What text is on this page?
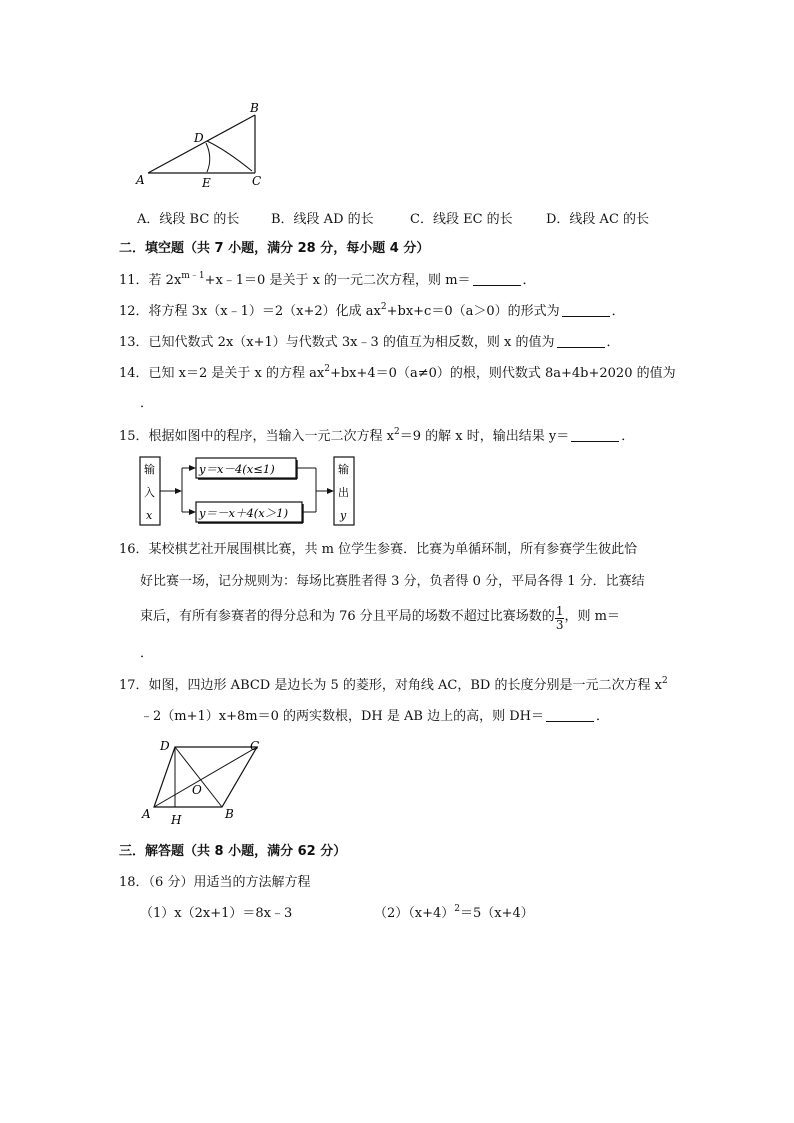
A
B
C
D
E
A．线段 BC 的长 B．线段 AD 的长	C．线段 EC 的长	D．线段 AC 的长
二．填空题（共 7 小题，满分 28 分，每小题 4 分）
11．若 $2x^{m﹣1}+x﹣1=0$ 是关于 x 的一元二次方程，则 m＝	．
12．将方程 3x（x﹣1）＝2（x+2）化成 $ax^2+bx+c=0(a>0)$的形式为	．
13．已知代数式 2x（x+1）与代数式 3x﹣3 的值互为相反数，则 x 的值为	．
14．已知 x＝2 是关于 x 的方程 $ax^2+bx+4=0(a\ne 0)$的根，则代数式 8a+4b+2020 的值为
．
15．根据如图中的程序，当输入一元二次方程 $x^2=9$ 的解 x 时，输出结果 y＝	．
输
入
x
输
出
y
y＝x－4(x≤1)
y＝－x＋4(x＞1)
16．某校棋艺社开展围棋比赛，共 m 位学生参赛．比赛为单循环制，所有参赛学生彼此恰
好比赛一场，记分规则为：每场比赛胜者得 3 分，负者得 0 分，平局各得 1 分．比赛结
束后，有所有参赛者的得分总和为 76 分且平局的场数不超过比赛场数的 $\frac{1}{3}$ ，则 m＝
．
17．如图，四边形 ABCD 是边长为 5 的菱形，对角线 AC，BD 的长度分别是一元二次方程 $x^2$
﹣2（m+1）x+8m＝0 的两实数根，DH 是 AB 边上的高，则 DH＝	．
A	B
C
D
O
H
三．解答题（共 8 小题，满分 62 分）
18．（6 分）用适当的方法解方程
（1）x（2x+1）＝8x﹣3	$(2)(x+4)^2=5(x+4)$
